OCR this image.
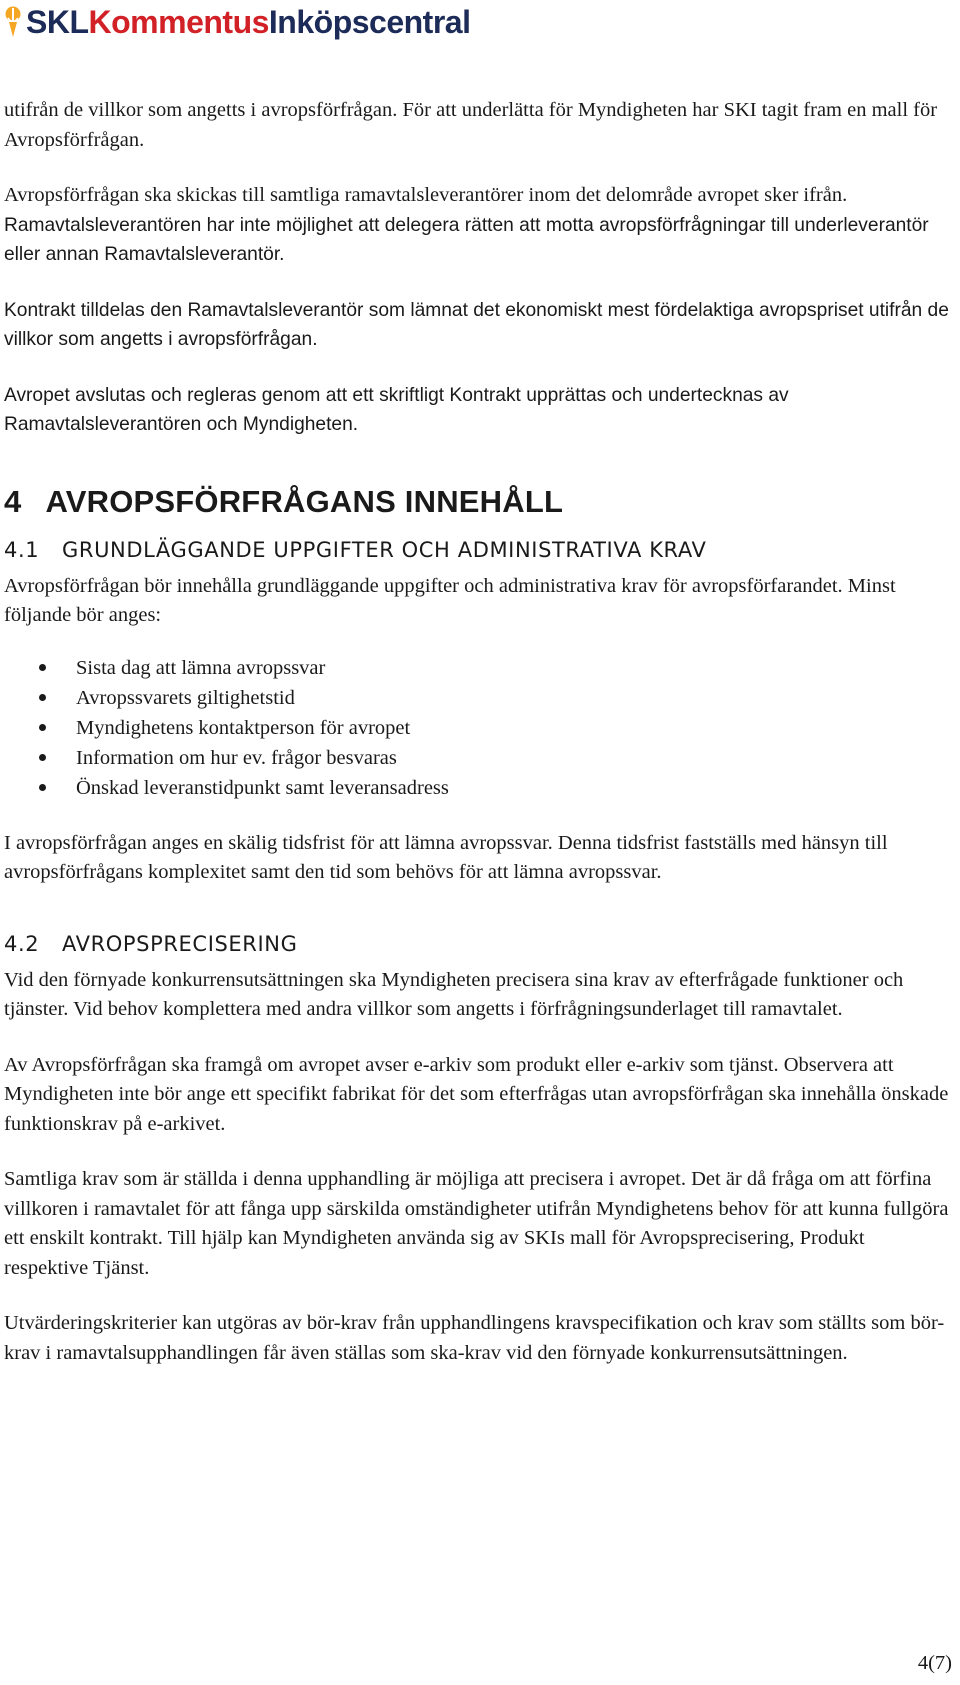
SKLKommentusInköpscentral

utifrån de villkor som angetts i avropsförfrågan. För att underlätta för Myndigheten har SKI tagit fram en mall för Avropsförfrågan.

Avropsförfrågan ska skickas till samtliga ramavtalsleverantörer inom det delområde avropet sker ifrån. Ramavtalsleverantören har inte möjlighet att delegera rätten att motta avropsförfrågningar till underleverantör eller annan Ramavtalsleverantör.

Kontrakt tilldelas den Ramavtalsleverantör som lämnat det ekonomiskt mest fördelaktiga avropspriset utifrån de villkor som angetts i avropsförfrågan.

Avropet avslutas och regleras genom att ett skriftligt Kontrakt upprättas och undertecknas av Ramavtalsleverantören och Myndigheten.

4 AVROPSFÖRFRÅGANS INNEHÅLL
4.1 GRUNDLÄGGANDE UPPGIFTER OCH ADMINISTRATIVA KRAV

Avropsförfrågan bör innehålla grundläggande uppgifter och administrativa krav för avropsförfarandet. Minst följande bör anges:

Sista dag att lämna avropssvar
Avropssvarets giltighetstid
Myndighetens kontaktperson för avropet
Information om hur ev. frågor besvaras
Önskad leveranstidpunkt samt leveransadress

I avropsförfrågan anges en skälig tidsfrist för att lämna avropssvar. Denna tidsfrist fastställs med hänsyn till avropsförfrågans komplexitet samt den tid som behövs för att lämna avropssvar.

4.2 AVROPSPRECISERING

Vid den förnyade konkurrensutsättningen ska Myndigheten precisera sina krav av efterfrågade funktioner och tjänster. Vid behov komplettera med andra villkor som angetts i förfrågningsunderlaget till ramavtalet.

Av Avropsförfrågan ska framgå om avropet avser e-arkiv som produkt eller e-arkiv som tjänst. Observera att Myndigheten inte bör ange ett specifikt fabrikat för det som efterfrågas utan avropsförfrågan ska innehålla önskade funktionskrav på e-arkivet.

Samtliga krav som är ställda i denna upphandling är möjliga att precisera i avropet. Det är då fråga om att förfina villkoren i ramavtalet för att fånga upp särskilda omständigheter utifrån Myndighetens behov för att kunna fullgöra ett enskilt kontrakt. Till hjälp kan Myndigheten använda sig av SKIs mall för Avropsprecisering, Produkt respektive Tjänst.

Utvärderingskriterier kan utgöras av bör-krav från upphandlingens kravspecifikation och krav som ställts som bör-krav i ramavtalsupphandlingen får även ställas som ska-krav vid den förnyade konkurrensutsättningen.

4(7)
